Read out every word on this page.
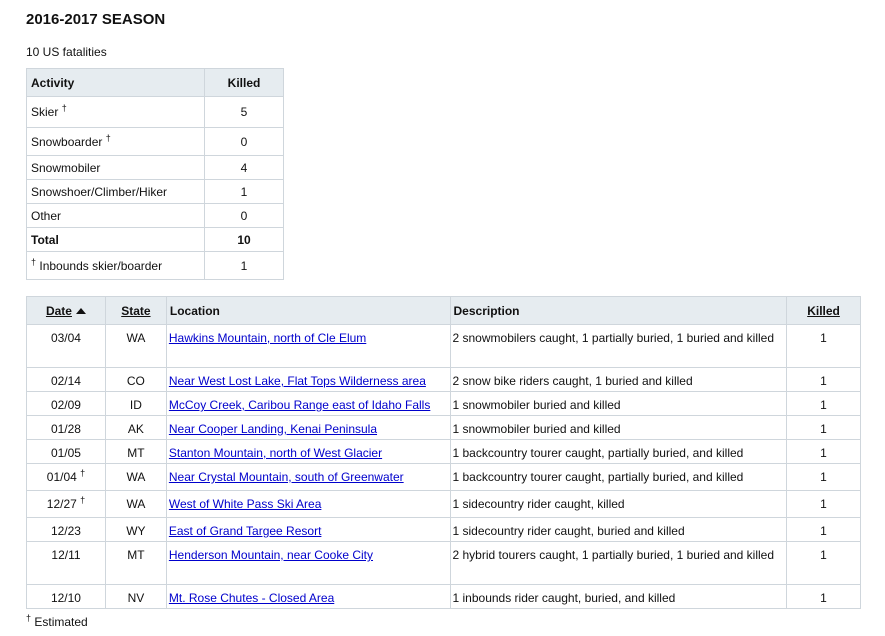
2016-2017 SEASON

10 US fatalities

Activity	Killed
Skier †	5
Snowboarder †	0
Snowmobiler	4
Snowshoer/Climber/Hiker	1
Other	0
Total	10
† Inbounds skier/boarder	1
Date	State	Location	Description	Killed
03/04	WA	Hawkins Mountain, north of Cle Elum	2 snowmobilers caught, 1 partially buried, 1 buried and killed	1
02/14	CO	Near West Lost Lake, Flat Tops Wilderness area	2 snow bike riders caught, 1 buried and killed	1
02/09	ID	McCoy Creek, Caribou Range east of Idaho Falls	1 snowmobiler buried and killed	1
01/28	AK	Near Cooper Landing, Kenai Peninsula	1 snowmobiler buried and killed	1
01/05	MT	Stanton Mountain, north of West Glacier	1 backcountry tourer caught, partially buried, and killed	1
01/04 †	WA	Near Crystal Mountain, south of Greenwater	1 backcountry tourer caught, partially buried, and killed	1
12/27 †	WA	West of White Pass Ski Area	1 sidecountry rider caught, killed	1
12/23	WY	East of Grand Targee Resort	1 sidecountry rider caught, buried and killed	1
12/11	MT	Henderson Mountain, near Cooke City	2 hybrid tourers caught, 1 partially buried, 1 buried and killed	1
12/10	NV	Mt. Rose Chutes - Closed Area	1 inbounds rider caught, buried, and killed	1

† Estimated
